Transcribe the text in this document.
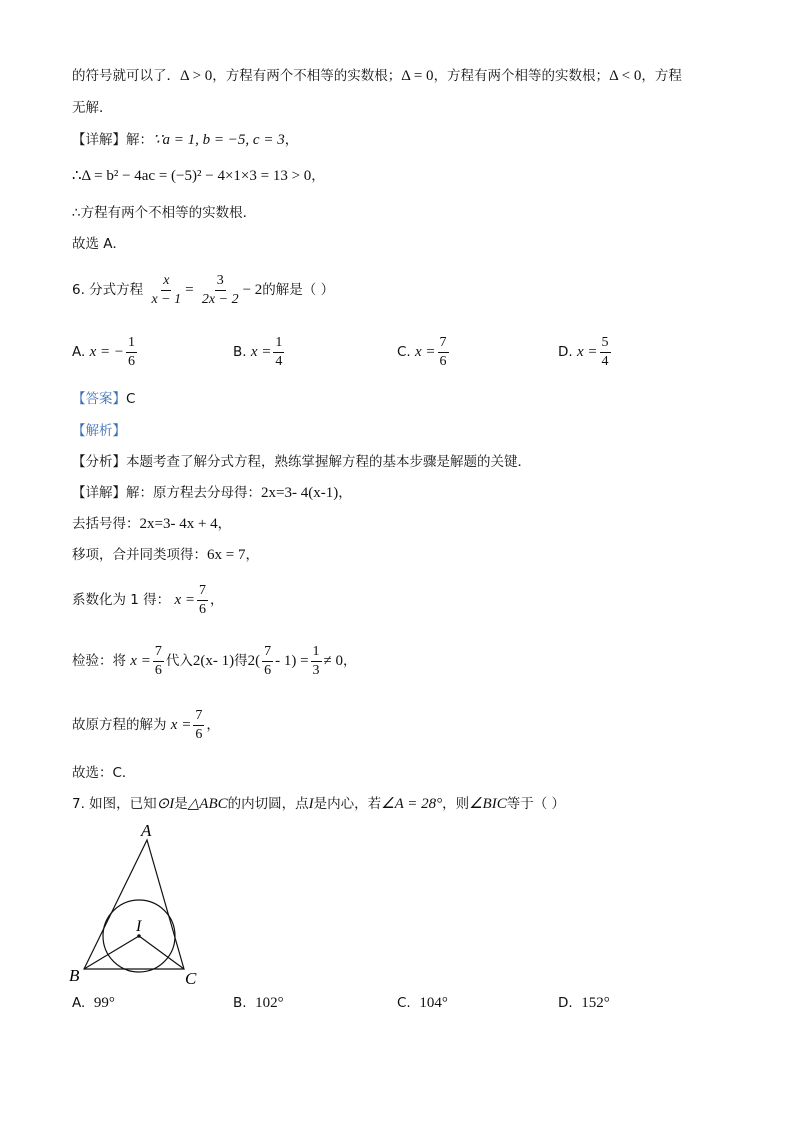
的符号就可以了．Δ > 0，方程有两个不相等的实数根；Δ = 0，方程有两个相等的实数根；Δ < 0，方程
无解．
【详解】解：∵a = 1, b = −5, c = 3，
∴Δ = b² − 4ac = (−5)² − 4×1×3 = 13 > 0，
∴方程有两个不相等的实数根．
故选 A．
6. 分式方程 $\frac{x}{x - 1} = \frac{3}{2x - 2} - 2$的解是（ ）
A. x = − $\frac{1}{6}$	B. $x = \frac{1}{4}$	C. $x = \frac{7}{6}$	D. $x = \frac{5}{4}$
【答案】C
【解析】
【分析】本题考查了解分式方程，熟练掌握解方程的基本步骤是解题的关键．
【详解】解：原方程去分母得：2x=3- 4(x-1)，
去括号得：2x=3- 4x + 4，
移项，合并同类项得：6x = 7，
系数化为 1 得： $x = \frac{7}{6}$ ，
检验：将 $x = \frac{7}{6}$ 代入2(x- 1)得$2( \frac{7}{6} - 1) = \frac{1}{3} \ne 0$，
故原方程的解为 $x = \frac{7}{6}$ ，
故选：C．
7. 如图，已知⊙I是△ABC的内切圆，点I是内心，若∠A = 28°，则∠BIC等于（ ）
A
B	C
I
A. 99°	B. 102°	C. 104°	D. 152°
